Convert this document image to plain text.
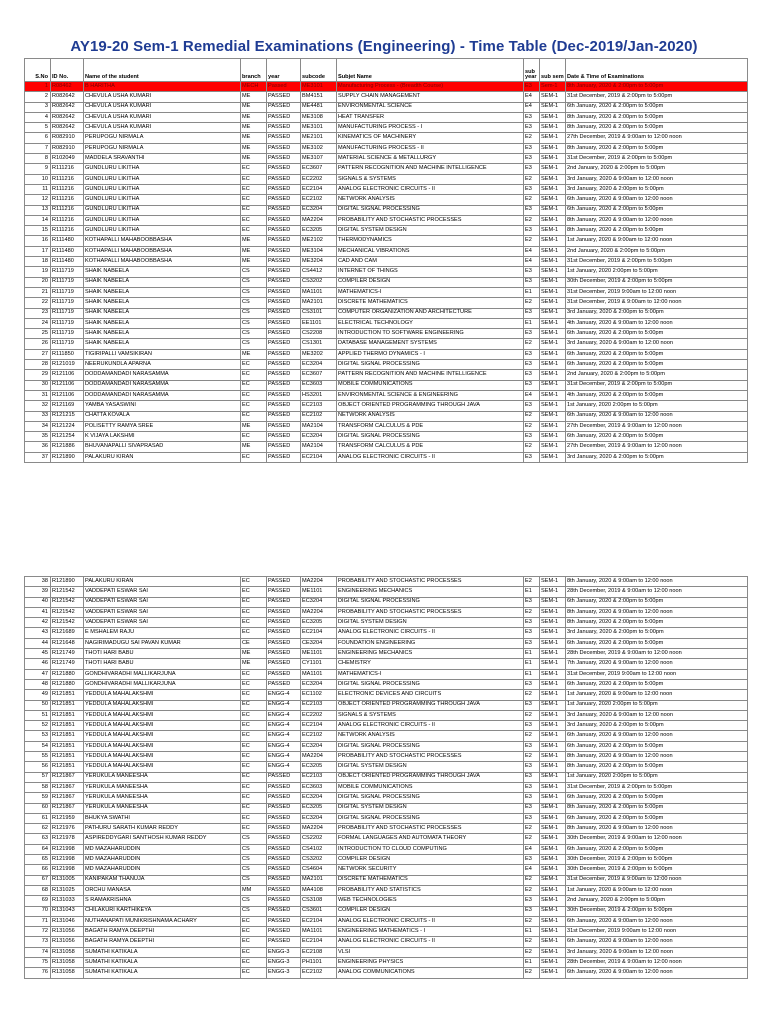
AY19-20 Sem-1 Remedial Examinations (Engineering) - Time Table (Dec-2019/Jan-2020)
S.No	ID No.	Name of the student	branch	year	subcode	Subjet Name	sub year	sub sem	Date & Time of Examinations
1	R08462	B HARITHA	MECH	Passed	ME3101	Manufacturing Process - (Breadth Course)	E3	Sem-1	8th January, 2020 & 2:00pm to 5:00pm
2	R082642	CHEVULA USHA KUMARI	ME	PASSED	BM4151	SUPPLY CHAIN MANAGEMENT	E4	SEM-1	31st December, 2019 & 2:00pm to 5:00pm
3	R082642	CHEVULA USHA KUMARI	ME	PASSED	ME4481	ENVIRONMENTAL SCIENCE	E4	SEM-1	6th January, 2020 & 2:00pm to 5:00pm
4	R082642	CHEVULA USHA KUMARI	ME	PASSED	ME3108	HEAT TRANSFER	E3	SEM-1	8th January, 2020 & 2:00pm to 5:00pm
5	R082642	CHEVULA USHA KUMARI	ME	PASSED	ME3101	MANUFACTURING PROCESS - I	E3	SEM-1	8th January, 2020 & 2:00pm to 5:00pm
6	R082910	PERUPOGU NIRMALA	ME	PASSED	ME2101	KINEMATICS OF MACHINERY	E2	SEM-1	27th December, 2019 & 9:00am to 12:00 noon
7	R082910	PERUPOGU NIRMALA	ME	PASSED	ME3102	MANUFACTURING PROCESS - II	E3	SEM-1	8th January, 2020 & 2:00pm to 5:00pm
8	R102049	MADDELA SRAVANTHI	ME	PASSED	ME3107	MATERIAL SCIENCE & METALLURGY	E3	SEM-1	31st December, 2019 & 2:00pm to 5:00pm
9	R111216	GUNDLURU LIKITHA	EC	PASSED	EC3607	PATTERN RECOGNITION AND MACHINE INTELLIGENCE	E3	SEM-1	2nd January, 2020 & 2:00pm to 5:00pm
10	R111216	GUNDLURU LIKITHA	EC	PASSED	EC2202	SIGNALS & SYSTEMS	E2	SEM-1	3rd January, 2020 & 9:00am to 12:00 noon
11	R111216	GUNDLURU LIKITHA	EC	PASSED	EC2104	ANALOG ELECTRONIC CIRCUITS - II	E3	SEM-1	3rd January, 2020 & 2:00pm to 5:00pm
12	R111216	GUNDLURU LIKITHA	EC	PASSED	EC2102	NETWORK ANALYSIS	E2	SEM-1	6th January, 2020 & 9:00am to 12:00 noon
13	R111216	GUNDLURU LIKITHA	EC	PASSED	EC3204	DIGITAL SIGNAL PROCESSING	E3	SEM-1	6th January, 2020 & 2:00pm to 5:00pm
14	R111216	GUNDLURU LIKITHA	EC	PASSED	MA2204	PROBABILITY AND STOCHASTIC PROCESSES	E2	SEM-1	8th January, 2020 & 9:00am to 12:00 noon
15	R111216	GUNDLURU LIKITHA	EC	PASSED	EC3205	DIGITAL SYSTEM DESIGN	E3	SEM-1	8th January, 2020 & 2:00pm to 5:00pm
16	R111480	KOTHAPALLI MAHABOOBBASHA	ME	PASSED	ME2102	THERMODYNAMICS	E2	SEM-1	1st January, 2020 & 9:00am to 12:00 noon
17	R111480	KOTHAPALLI MAHABOOBBASHA	ME	PASSED	ME3104	MECHANICAL VIBRATIONS	E4	SEM-1	2nd January, 2020 & 2:00pm to 5:00pm
18	R111480	KOTHAPALLI MAHABOOBBASHA	ME	PASSED	ME3204	CAD AND CAM	E4	SEM-1	31st December, 2019 & 2:00pm to 5:00pm
19	R111719	SHAIK NABEELA	CS	PASSED	CS4412	INTERNET OF THINGS	E3	SEM-1	1st January, 2020 2:00pm to 5:00pm
20	R111719	SHAIK NABEELA	CS	PASSED	CS3202	COMPILER DESIGN	E3	SEM-1	30th December, 2019 & 2:00pm to 5:00pm
21	R111719	SHAIK NABEELA	CS	PASSED	MA1101	MATHEMATICS-I	E1	SEM-1	31st December, 2019 9:00am to 12:00 noon
22	R111719	SHAIK NABEELA	CS	PASSED	MA2101	DISCRETE MATHEMATICS	E2	SEM-1	31st December, 2019 & 9:00am to 12:00 noon
23	R111719	SHAIK NABEELA	CS	PASSED	CS3101	COMPUTER ORGANIZATION AND ARCHITECTURE	E3	SEM-1	3rd January, 2020 & 2:00pm to 5:00pm
24	R111719	SHAIK NABEELA	CS	PASSED	EE1101	ELECTRICAL TECHNOLOGY	E1	SEM-1	4th January, 2020 & 9:00am to 12:00 noon
25	R111719	SHAIK NABEELA	CS	PASSED	CS2208	INTRODUCTION TO SOFTWARE ENGINEERING	E3	SEM-1	6th January, 2020 & 2:00pm to 5:00pm
26	R111719	SHAIK NABEELA	CS	PASSED	CS1301	DATABASE MANAGEMENT SYSTEMS	E2	SEM-1	3rd January, 2020 & 9:00am to 12:00 noon
27	R111850	TIGIRIPALLI VAMSIKIRAN	ME	PASSED	ME3202	APPLIED THERMO DYNAMICS - I	E3	SEM-1	6th January, 2020 & 2:00pm to 5:00pm
28	R121019	NEERUKUNDLA APARNA	EC	PASSED	EC3204	DIGITAL SIGNAL PROCESSING	E3	SEM-1	6th January, 2020 & 2:00pm to 5:00pm
29	R121106	DODDAMANDADI NARASAMMA	EC	PASSED	EC3607	PATTERN RECOGNITION AND MACHINE INTELLIGENCE	E3	SEM-1	2nd January, 2020 & 2:00pm to 5:00pm
30	R121106	DODDAMANDADI NARASAMMA	EC	PASSED	EC3603	MOBILE COMMUNICATIONS	E3	SEM-1	31st December, 2019 & 2:00pm to 5:00pm
31	R121106	DODDAMANDADI NARASAMMA	EC	PASSED	HS3201	ENVIRONMENTAL SCIENCE & ENGINEERING	E4	SEM-1	4th January, 2020 & 2:00pm to 5:00pm
32	R121169	YAMBA YASASWINI	EC	PASSED	EC2103	OBJECT ORIENTED PROGRAMMING THROUGH JAVA	E3	SEM-1	1st January, 2020 2:00pm to 5:00pm
33	R121215	CHATTA KOVALA	EC	PASSED	EC2102	NETWORK ANALYSIS	E2	SEM-1	6th January, 2020 & 9:00am to 12:00 noon
34	R121224	POLISETTY RAMYA SREE	ME	PASSED	MA2104	TRANSFORM CALCULUS & PDE	E2	SEM-1	27th December, 2019 & 9:00am to 12:00 noon
35	R121254	K VIJAYA LAKSHMI	EC	PASSED	EC3204	DIGITAL SIGNAL PROCESSING	E3	SEM-1	6th January, 2020 & 2:00pm to 5:00pm
36	R121886	BHUVANAPALLI SIVAPRASAD	ME	PASSED	MA2104	TRANSFORM CALCULUS & PDE	E2	SEM-1	27th December, 2019 & 9:00am to 12:00 noon
37	R121890	PALAKURU KIRAN	EC	PASSED	EC2104	ANALOG ELECTRONIC CIRCUITS - II	E3	SEM-1	3rd January, 2020 & 2:00pm to 5:00pm
38	R121890	PALAKURU KIRAN	EC	PASSED	MA2204	PROBABILITY AND STOCHASTIC PROCESSES	E2	SEM-1	8th January, 2020 & 9:00am to 12:00 noon
39	R121542	VADDEPATI ESWAR SAI	EC	PASSED	ME1101	ENGINEERING MECHANICS	E1	SEM-1	28th December, 2019 & 9:00am to 12:00 noon
40	R121542	VADDEPATI ESWAR SAI	EC	PASSED	EC3204	DIGITAL SIGNAL PROCESSING	E3	SEM-1	6th January, 2020 & 2:00pm to 5:00pm
41	R121542	VADDEPATI ESWAR SAI	EC	PASSED	MA2204	PROBABILITY AND STOCHASTIC PROCESSES	E2	SEM-1	8th January, 2020 & 9:00am to 12:00 noon
42	R121542	VADDEPATI ESWAR SAI	EC	PASSED	EC3205	DIGITAL SYSTEM DESIGN	E3	SEM-1	8th January, 2020 & 2:00pm to 5:00pm
43	R121689	E MSHALEM RAJU	EC	PASSED	EC2104	ANALOG ELECTRONIC CIRCUITS - II	E3	SEM-1	3rd January, 2020 & 2:00pm to 5:00pm
44	R121648	NAGIRIMADUGU SAI PAVAN KUMAR	CE	PASSED	CE3204	FOUNDATION ENGINEERING	E3	SEM-1	6th January, 2020 & 2:00pm to 5:00pm
45	R121749	THOTI HARI BABU	ME	PASSED	ME1101	ENGINEERING MECHANICS	E1	SEM-1	28th December, 2019 & 9:00am to 12:00 noon
46	R121749	THOTI HARI BABU	ME	PASSED	CY1101	CHEMISTRY	E1	SEM-1	7th January, 2020 & 9:00am to 12:00 noon
47	R121880	GONDHIVARADHI MALLIKARJUNA	EC	PASSED	MA1101	MATHEMATICS-I	E1	SEM-1	31st December, 2019 9:00am to 12:00 noon
48	R121880	GONDHIVARADHI MALLIKARJUNA	EC	PASSED	EC3204	DIGITAL SIGNAL PROCESSING	E3	SEM-1	6th January, 2020 & 2:00pm to 5:00pm
49	R121851	YEDDULA MAHALAKSHMI	EC	ENGG-4	EC1102	ELECTRONIC DEVICES AND CIRCUITS	E2	SEM-1	1st January, 2020 & 9:00am to 12:00 noon
50	R121851	YEDDULA MAHALAKSHMI	EC	ENGG-4	EC2103	OBJECT ORIENTED PROGRAMMING THROUGH JAVA	E3	SEM-1	1st January, 2020 2:00pm to 5:00pm
51	R121851	YEDDULA MAHALAKSHMI	EC	ENGG-4	EC2202	SIGNALS & SYSTEMS	E2	SEM-1	3rd January, 2020 & 9:00am to 12:00 noon
52	R121851	YEDDULA MAHALAKSHMI	EC	ENGG-4	EC2104	ANALOG ELECTRONIC CIRCUITS - II	E3	SEM-1	3rd January, 2020 & 2:00pm to 5:00pm
53	R121851	YEDDULA MAHALAKSHMI	EC	ENGG-4	EC2102	NETWORK ANALYSIS	E2	SEM-1	6th January, 2020 & 9:00am to 12:00 noon
54	R121851	YEDDULA MAHALAKSHMI	EC	ENGG-4	EC3204	DIGITAL SIGNAL PROCESSING	E3	SEM-1	6th January, 2020 & 2:00pm to 5:00pm
55	R121851	YEDDULA MAHALAKSHMI	EC	ENGG-4	MA2204	PROBABILITY AND STOCHASTIC PROCESSES	E2	SEM-1	8th January, 2020 & 9:00am to 12:00 noon
56	R121851	YEDDULA MAHALAKSHMI	EC	ENGG-4	EC3205	DIGITAL SYSTEM DESIGN	E3	SEM-1	8th January, 2020 & 2:00pm to 5:00pm
57	R121867	YERUKULA MANEESHA	EC	PASSED	EC2103	OBJECT ORIENTED PROGRAMMING THROUGH JAVA	E3	SEM-1	1st January, 2020 2:00pm to 5:00pm
58	R121867	YERUKULA MANEESHA	EC	PASSED	EC3603	MOBILE COMMUNICATIONS	E3	SEM-1	31st December, 2019 & 2:00pm to 5:00pm
59	R121867	YERUKULA MANEESHA	EC	PASSED	EC3204	DIGITAL SIGNAL PROCESSING	E3	SEM-1	6th January, 2020 & 2:00pm to 5:00pm
60	R121867	YERUKULA MANEESHA	EC	PASSED	EC3205	DIGITAL SYSTEM DESIGN	E3	SEM-1	8th January, 2020 & 2:00pm to 5:00pm
61	R121959	BHUKYA SWATHI	EC	PASSED	EC3204	DIGITAL SIGNAL PROCESSING	E3	SEM-1	6th January, 2020 & 2:00pm to 5:00pm
62	R121976	PATHURU SARATH KUMAR REDDY	EC	PASSED	MA2204	PROBABILITY AND STOCHASTIC PROCESSES	E2	SEM-1	8th January, 2020 & 9:00am to 12:00 noon
63	R121978	ASPIREDDYGARI SANTHOSH KUMAR REDDY	CS	PASSED	CS2202	FORMAL LANGUAGES AND AUTOMATA THEORY	E2	SEM-1	30th December, 2019 & 9:00am to 12:00 noon
64	R121998	MD MAZAHARUDDIN	CS	PASSED	CS4102	INTRODUCTION TO CLOUD COMPUTING	E4	SEM-1	6th January, 2020 & 2:00pm to 5:00pm
65	R121998	MD MAZAHARUDDIN	CS	PASSED	CS3202	COMPILER DESIGN	E3	SEM-1	30th December, 2019 & 2:00pm to 5:00pm
66	R121998	MD MAZAHARUDDIN	CS	PASSED	CS4604	NETWORK SECURITY	E4	SEM-1	30th December, 2019 & 2:00pm to 5:00pm
67	R131005	KANIPAKAM THANUJA	CS	PASSED	MA2101	DISCRETE MATHEMATICS	E2	SEM-1	31st December, 2019 & 9:00am to 12:00 noon
68	R131025	ORCHU MANASA	MM	PASSED	MA4108	PROBABILITY AND STATISTICS	E2	SEM-1	1st January, 2020 & 9:00am to 12:00 noon
69	R131033	S RAMAKRISHNA	CS	PASSED	CS3108	WEB TECHNOLOGIES	E3	SEM-1	2nd January, 2020 & 2:00pm to 5:00pm
70	R131043	CHILAKURI KARTHIKEYA	CS	PASSED	CS3601	COMPILER DESIGN	E3	SEM-1	30th December, 2019 & 2:00pm to 5:00pm
71	R131046	NUTHANAPATI MUNIKRISHNAMA ACHARY	EC	PASSED	EC2104	ANALOG ELECTRONIC CIRCUITS - II	E2	SEM-1	6th January, 2020 & 9:00am to 12:00 noon
72	R131056	BAGATH RAMYA DEEPTHI	EC	PASSED	MA1101	ENGINEERING MATHEMATICS - I	E1	SEM-1	31st December, 2019 9:00am to 12:00 noon
73	R131056	BAGATH RAMYA DEEPTHI	EC	PASSED	EC2104	ANALOG ELECTRONIC CIRCUITS - II	E2	SEM-1	6th January, 2020 & 9:00am to 12:00 noon
74	R131058	SUMATHI KATIKALA	EC	ENGG-3	EC2108	VLSI	E2	SEM-1	3rd January, 2020 & 9:00am to 12:00 noon
75	R131058	SUMATHI KATIKALA	EC	ENGG-3	PH1101	ENGINEERING PHYSICS	E1	SEM-1	28th December, 2019 & 9:00am to 12:00 noon
76	R131058	SUMATHI KATIKALA	EC	ENGG-3	EC2102	ANALOG COMMUNICATIONS	E2	SEM-1	6th January, 2020 & 9:00am to 12:00 noon
